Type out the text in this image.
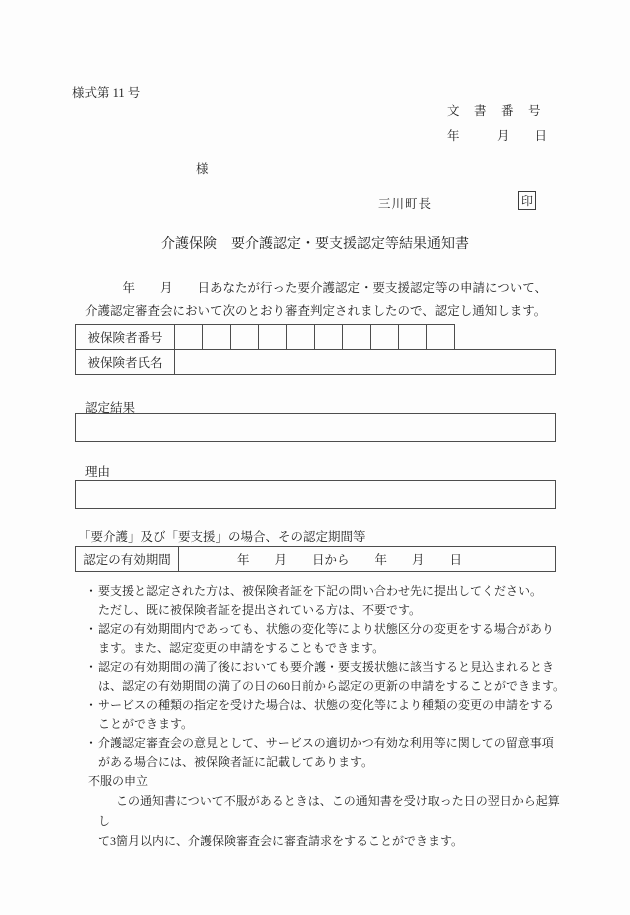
様式第 11 号
文　書　番　号
年　　　月　　日
様
三川町長	印
介護保険　要介護認定・要支援認定等結果通知書
　　　年　　月　　日あなたが行った要介護認定・要支援認定等の申請について、
介護認定審査会において次のとおり審査判定されましたので、認定し通知します。
被保険者番号
被保険者氏名
認定結果
理由
「要介護」及び「要支援」の場合、その認定期間等
認定の有効期間	年　　月　　日から　　年　　月　　日
・ 要支援と認定された方は、被保険者証を下記の問い合わせ先に提出してください。
ただし、既に被保険者証を提出されている方は、不要です。
・ 認定の有効期間内であっても、状態の変化等により状態区分の変更をする場合があり
ます。また、認定変更の申請をすることもできます。
・ 認定の有効期間の満了後においても要介護・要支援状態に該当すると見込まれるとき
は、認定の有効期間の満了の日の60日前から認定の更新の申請をすることができます。
・ サービスの種類の指定を受けた場合は、状態の変化等により種類の変更の申請をする
ことができます。
・ 介護認定審査会の意見として、サービスの適切かつ有効な利用等に関しての留意事項
がある場合には、被保険者証に記載してあります。
不服の申立
この通知書について不服があるときは、この通知書を受け取った日の翌日から起算し
て3箇月以内に、介護保険審査会に審査請求をすることができます。
